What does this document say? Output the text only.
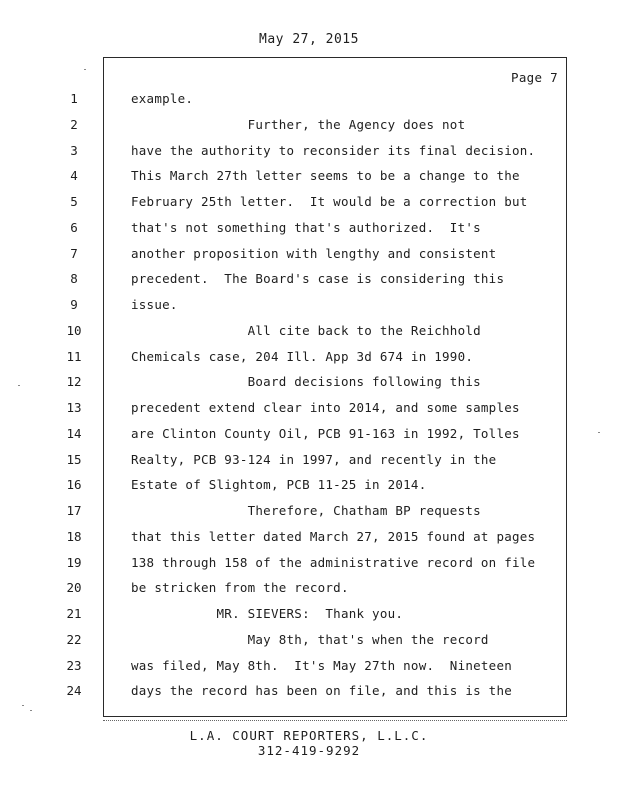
May 27, 2015
Page 7
1	example.
2	Further, the Agency does not
3	have the authority to reconsider its final decision.
4	This March 27th letter seems to be a change to the
5	February 25th letter.  It would be a correction but
6	that's not something that's authorized.  It's
7	another proposition with lengthy and consistent
8	precedent.  The Board's case is considering this
9	issue.
10	All cite back to the Reichhold
11	Chemicals case, 204 Ill. App 3d 674 in 1990.
12	Board decisions following this
13	precedent extend clear into 2014, and some samples
14	are Clinton County Oil, PCB 91-163 in 1992, Tolles
15	Realty, PCB 93-124 in 1997, and recently in the
16	Estate of Slightom, PCB 11-25 in 2014.
17	Therefore, Chatham BP requests
18	that this letter dated March 27, 2015 found at pages
19	138 through 158 of the administrative record on file
20	be stricken from the record.
21	MR. SIEVERS:  Thank you.
22	May 8th, that's when the record
23	was filed, May 8th.  It's May 27th now.  Nineteen
24	days the record has been on file, and this is the
L.A. COURT REPORTERS, L.L.C.
312-419-9292
